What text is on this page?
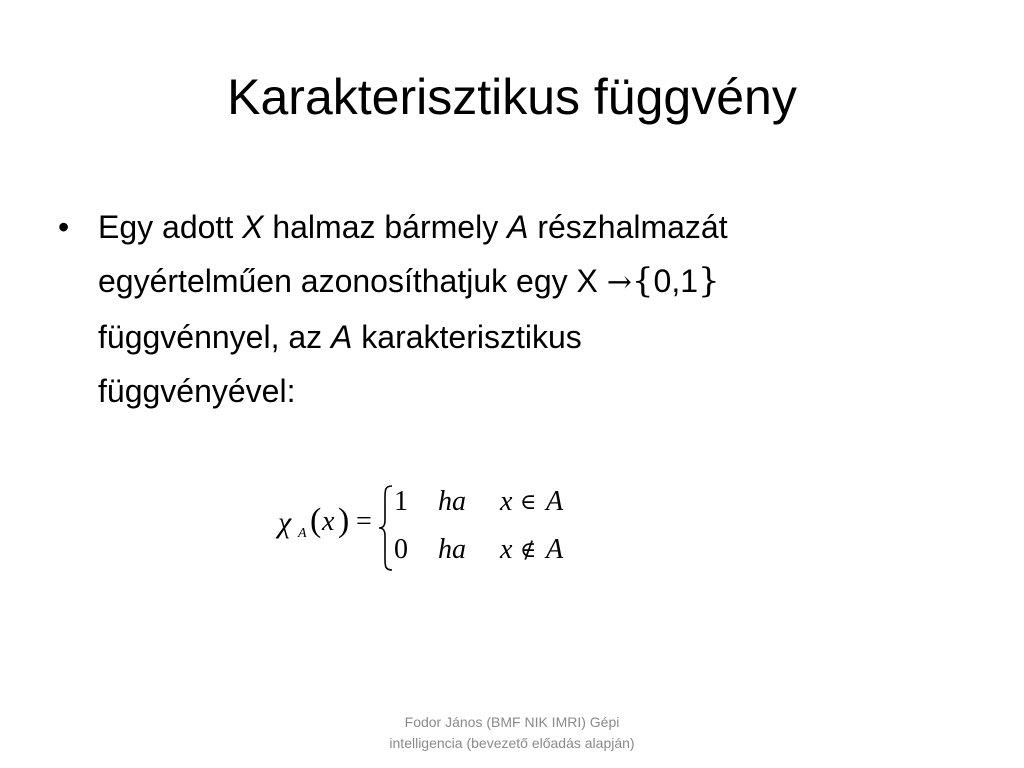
Karakterisztikus függvény
• Egy adott X halmaz bármely A részhalmazát
egyértelműen azonosíthatjuk egy X →{0,1}
függvénnyel, az A karakterisztikus
függvényével:
χ A ( x ) =
1 ha x ∈ A
0 ha x ∉ A
Fodor János (BMF NIK IMRI) Gépi
intelligencia (bevezető előadás alapján)
